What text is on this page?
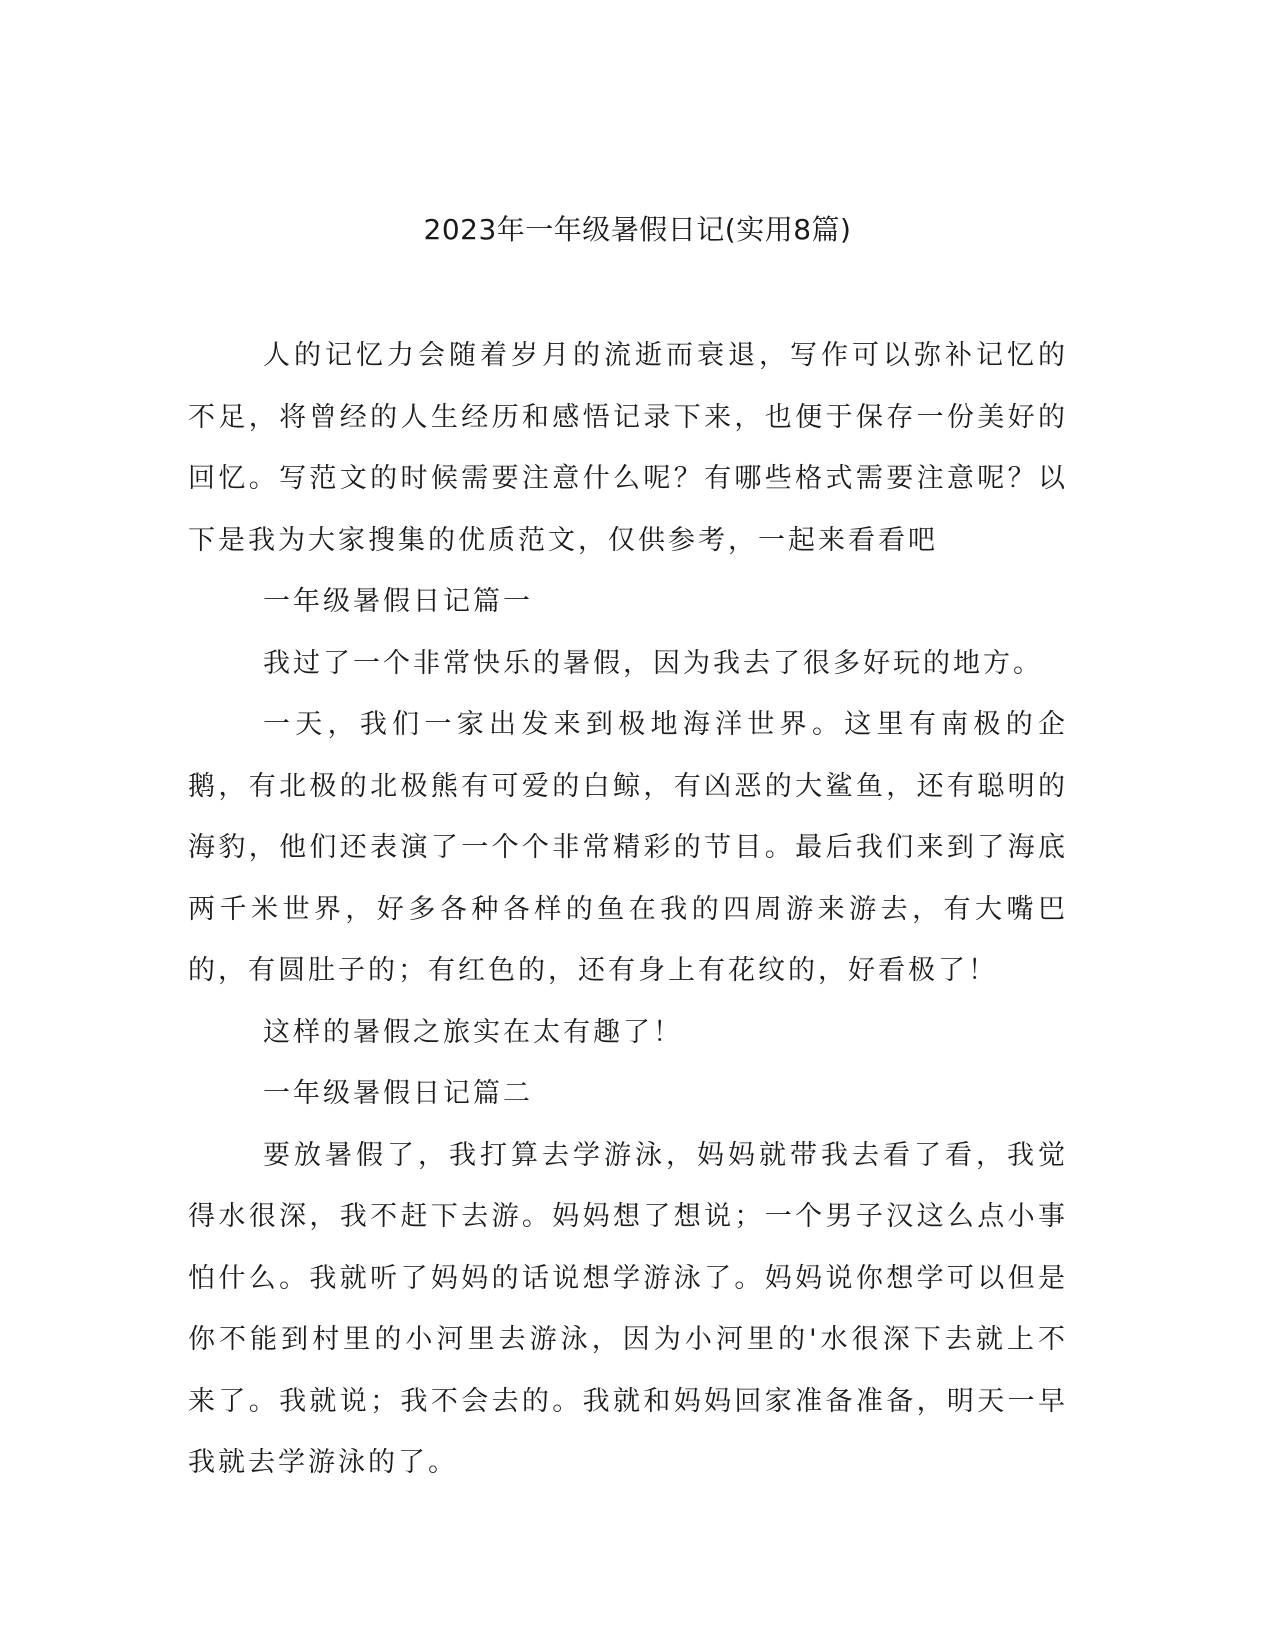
2023年一年级暑假日记(实用8篇)

人的记忆力会随着岁月的流逝而衰退，写作可以弥补记忆的不足，将曾经的人生经历和感悟记录下来，也便于保存一份美好的回忆。写范文的时候需要注意什么呢？有哪些格式需要注意呢？以下是我为大家搜集的优质范文，仅供参考，一起来看看吧

一年级暑假日记篇一

我过了一个非常快乐的暑假，因为我去了很多好玩的地方。

一天，我们一家出发来到极地海洋世界。这里有南极的企鹅，有北极的北极熊有可爱的白鲸，有凶恶的大鲨鱼，还有聪明的海豹，他们还表演了一个个非常精彩的节目。最后我们来到了海底两千米世界，好多各种各样的鱼在我的四周游来游去，有大嘴巴的，有圆肚子的；有红色的，还有身上有花纹的，好看极了！

这样的暑假之旅实在太有趣了！

一年级暑假日记篇二

要放暑假了，我打算去学游泳，妈妈就带我去看了看，我觉得水很深，我不赶下去游。妈妈想了想说；一个男子汉这么点小事怕什么。我就听了妈妈的话说想学游泳了。妈妈说你想学可以但是你不能到村里的小河里去游泳，因为小河里的'水很深下去就上不来了。我就说；我不会去的。我就和妈妈回家准备准备，明天一早我就去学游泳的了。
